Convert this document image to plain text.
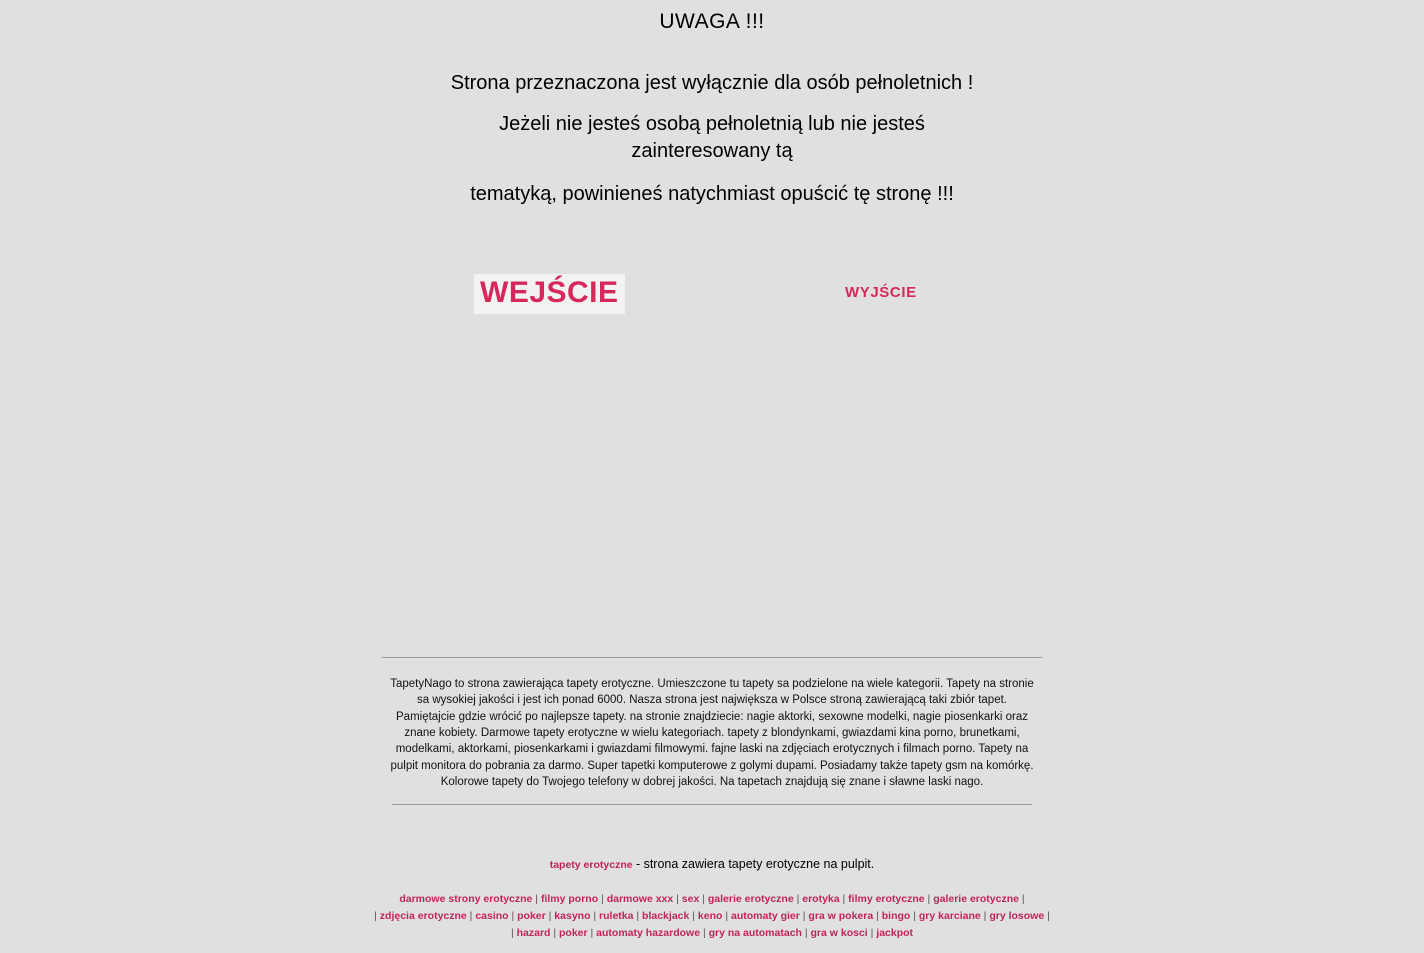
UWAGA !!!
Strona przeznaczona jest wyłącznie dla osób pełnoletnich !
Jeżeli nie jesteś osobą pełnoletnią lub nie jesteś zainteresowany tą
tematyką, powinieneś natychmiast opuścić tę stronę !!!
WEJŚCIE	WYJŚCIE
TapetyNago to strona zawierająca tapety erotyczne. Umieszczone tu tapety sa podzielone na wiele kategorii. Tapety na stronie sa wysokiej jakości i jest ich ponad 6000. Nasza strona jest największa w Polsce stroną zawierającą taki zbiór tapet. Pamiętajcie gdzie wrócić po najlepsze tapety. na stronie znajdziecie: nagie aktorki, sexowne modelki, nagie piosenkarki oraz znane kobiety. Darmowe tapety erotyczne w wielu kategoriach. tapety z blondynkami, gwiazdami kina porno, brunetkami, modelkami, aktorkami, piosenkarkami i gwiazdami filmowymi. fajne laski na zdjęciach erotycznych i filmach porno. Tapety na pulpit monitora do pobrania za darmo. Super tapetki komputerowe z golymi dupami. Posiadamy także tapety gsm na komórkę. Kolorowe tapety do Twojego telefony w dobrej jakości. Na tapetach znajdują się znane i sławne laski nago.
tapety erotyczne - strona zawiera tapety erotyczne na pulpit.
darmowe strony erotyczne | filmy porno | darmowe xxx | sex | galerie erotyczne | erotyka | filmy erotyczne | galerie erotyczne |
| zdjęcia erotyczne | casino | poker | kasyno | ruletka | blackjack | keno | automaty gier | gra w pokera | bingo | gry karciane | gry losowe |
| hazard | poker | automaty hazardowe | gry na automatach | gra w kosci | jackpot
